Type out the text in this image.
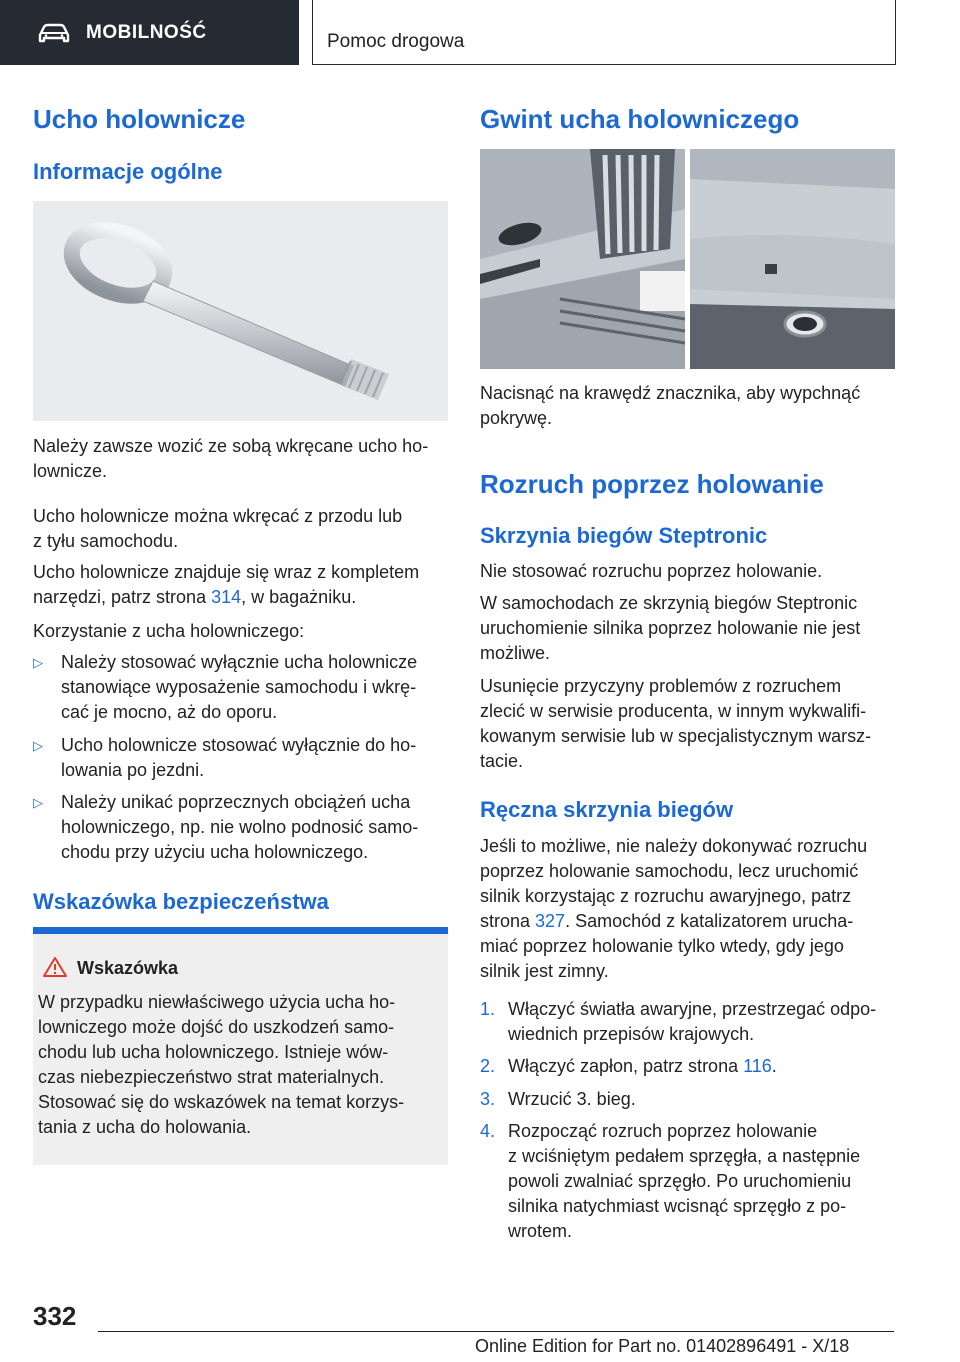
MOBILNOŚĆ	Pomoc drogowa
Ucho holownicze
Informacje ogólne

Należy zawsze wozić ze sobą wkręcane ucho ho-
lownicze.

Ucho holownicze można wkręcać z przodu lub
z tyłu samochodu.

Ucho holownicze znajduje się wraz z kompletem
narzędzi, patrz strona 314, w bagażniku.

Korzystanie z ucha holowniczego:

▷ Należy stosować wyłącznie ucha holownicze
stanowiące wyposażenie samochodu i wkrę-
cać je mocno, aż do oporu.
▷ Ucho holownicze stosować wyłącznie do ho-
lowania po jezdni.
▷ Należy unikać poprzecznych obciążeń ucha
holowniczego, np. nie wolno podnosić samo-
chodu przy użyciu ucha holowniczego.
Wskazówka bezpieczeństwa
Wskazówka
W przypadku niewłaściwego użycia ucha ho-
lowniczego może dojść do uszkodzeń samo-
chodu lub ucha holowniczego. Istnieje wów-
czas niebezpieczeństwo strat materialnych.
Stosować się do wskazówek na temat korzys-
tania z ucha do holowania.
Gwint ucha holowniczego

Nacisnąć na krawędź znacznika, aby wypchnąć
pokrywę.

Rozruch poprzez holowanie
Skrzynia biegów Steptronic

Nie stosować rozruchu poprzez holowanie.

W samochodach ze skrzynią biegów Steptronic
uruchomienie silnika poprzez holowanie nie jest
możliwe.

Usunięcie przyczyny problemów z rozruchem
zlecić w serwisie producenta, w innym wykwalifi-
kowanym serwisie lub w specjalistycznym warsz-
tacie.

Ręczna skrzynia biegów

Jeśli to możliwe, nie należy dokonywać rozruchu
poprzez holowanie samochodu, lecz uruchomić
silnik korzystając z rozruchu awaryjnego, patrz
strona 327. Samochód z katalizatorem urucha-
miać poprzez holowanie tylko wtedy, gdy jego
silnik jest zimny.

1. Włączyć światła awaryjne, przestrzegać odpo-
wiednich przepisów krajowych.
2. Włączyć zapłon, patrz strona 116.
3. Wrzucić 3. bieg.
4. Rozpocząć rozruch poprzez holowanie
z wciśniętym pedałem sprzęgła, a następnie
powoli zwalniać sprzęgło. Po uruchomieniu
silnika natychmiast wcisnąć sprzęgło z po-
wrotem.
332
Online Edition for Part no. 01402896491 - X/18
